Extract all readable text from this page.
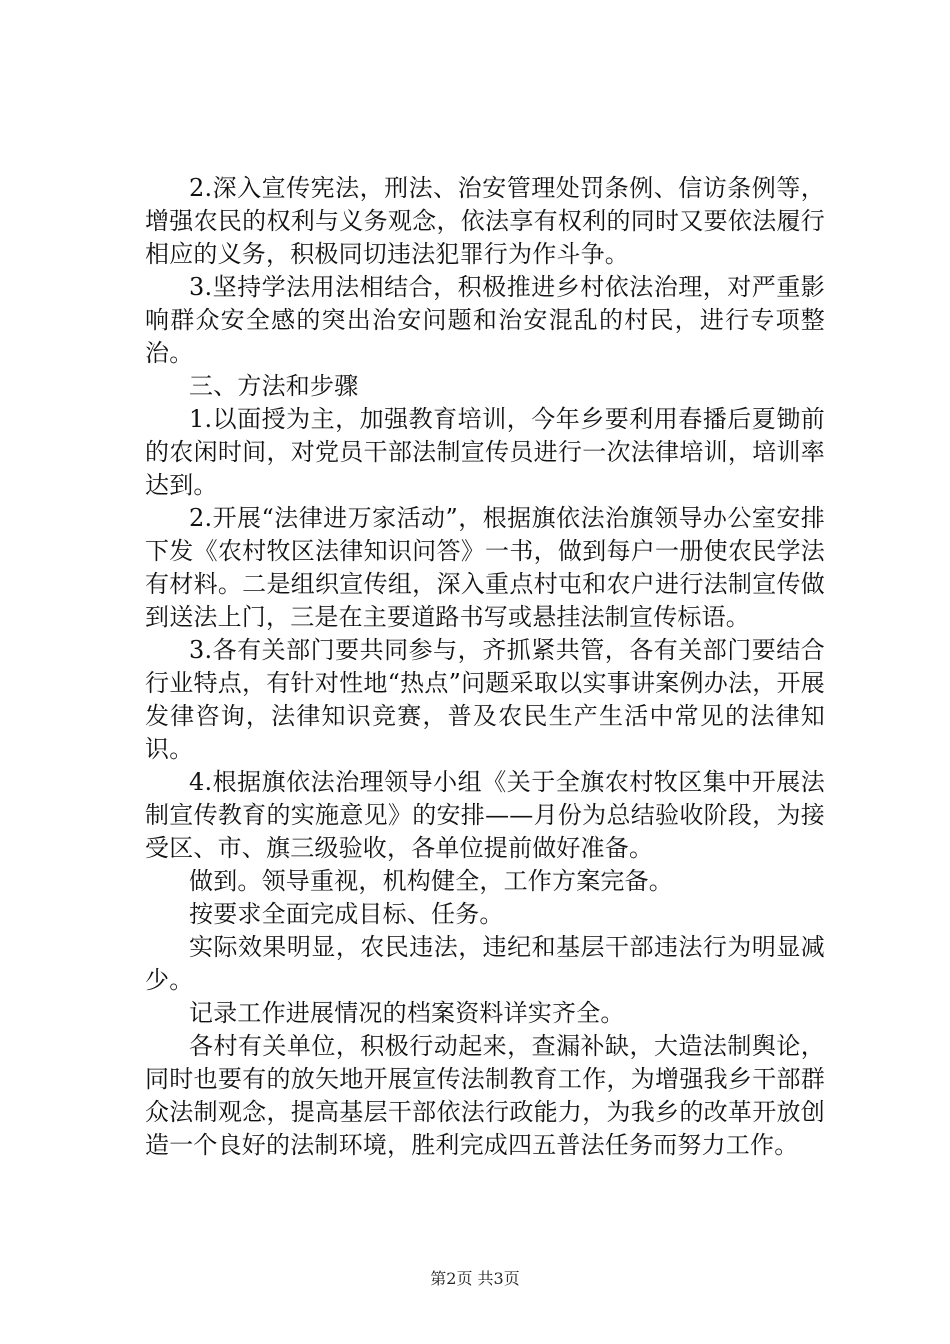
2.深入宣传宪法，刑法、治安管理处罚条例、信访条例等，增强农民的权利与义务观念，依法享有权利的同时又要依法履行相应的义务，积极同切违法犯罪行为作斗争。

3.坚持学法用法相结合，积极推进乡村依法治理，对严重影响群众安全感的突出治安问题和治安混乱的村民，进行专项整治。

三、方法和步骤

1.以面授为主，加强教育培训，今年乡要利用春播后夏锄前的农闲时间，对党员干部法制宣传员进行一次法律培训，培训率达到。

2.开展“法律进万家活动”，根据旗依法治旗领导办公室安排下发《农村牧区法律知识问答》一书，做到每户一册使农民学法有材料。二是组织宣传组，深入重点村屯和农户进行法制宣传做到送法上门，三是在主要道路书写或悬挂法制宣传标语。

3.各有关部门要共同参与，齐抓紧共管，各有关部门要结合行业特点，有针对性地“热点”问题采取以实事讲案例办法，开展发律咨询，法律知识竞赛，普及农民生产生活中常见的法律知识。

4.根据旗依法治理领导小组《关于全旗农村牧区集中开展法制宣传教育的实施意见》的安排——月份为总结验收阶段，为接受区、市、旗三级验收，各单位提前做好准备。

做到。领导重视，机构健全，工作方案完备。

按要求全面完成目标、任务。

实际效果明显，农民违法，违纪和基层干部违法行为明显减少。

记录工作进展情况的档案资料详实齐全。

各村有关单位，积极行动起来，查漏补缺，大造法制舆论，同时也要有的放矢地开展宣传法制教育工作，为增强我乡干部群众法制观念，提高基层干部依法行政能力，为我乡的改革开放创造一个良好的法制环境，胜利完成四五普法任务而努力工作。

第2页 共3页
